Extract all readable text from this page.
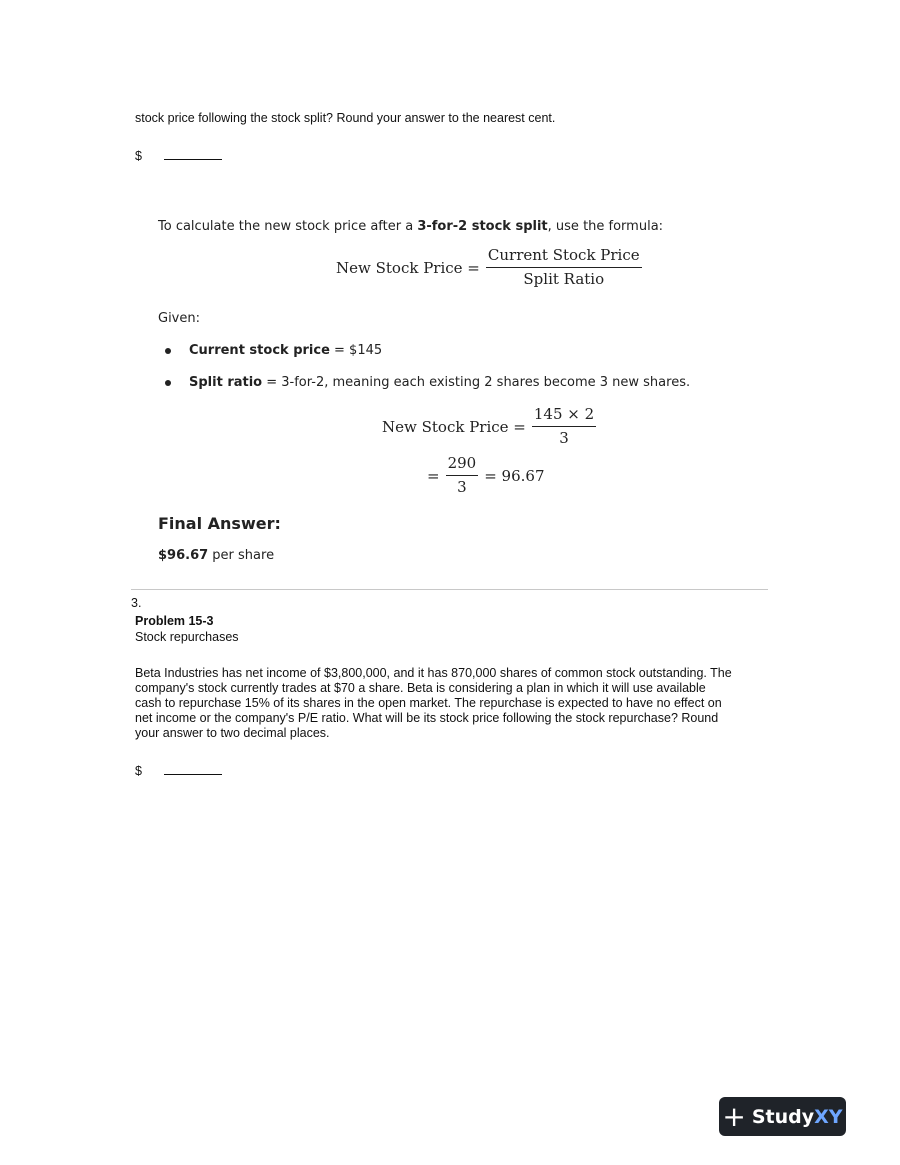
stock price following the stock split? Round your answer to the nearest cent.
$
To calculate the new stock price after a 3-for-2 stock split, use the formula:
New Stock Price = $\frac{\text{Current Stock Price}}{\text{Split Ratio}}$
Given:
Current stock price = $145
Split ratio = 3-for-2, meaning each existing 2 shares become 3 new shares.
New Stock Price = $\frac{145 \times 2}{3}$
= $\frac{290}{3} = 96.67$
Final Answer:
$96.67 per share
3.
Problem 15-3
Stock repurchases
Beta Industries has net income of $3,800,000, and it has 870,000 shares of common stock outstanding. The
company's stock currently trades at $70 a share. Beta is considering a plan in which it will use available
cash to repurchase 15% of its shares in the open market. The repurchase is expected to have no effect on
net income or the company's P/E ratio. What will be its stock price following the stock repurchase? Round
your answer to two decimal places.
$
+ Study XY
